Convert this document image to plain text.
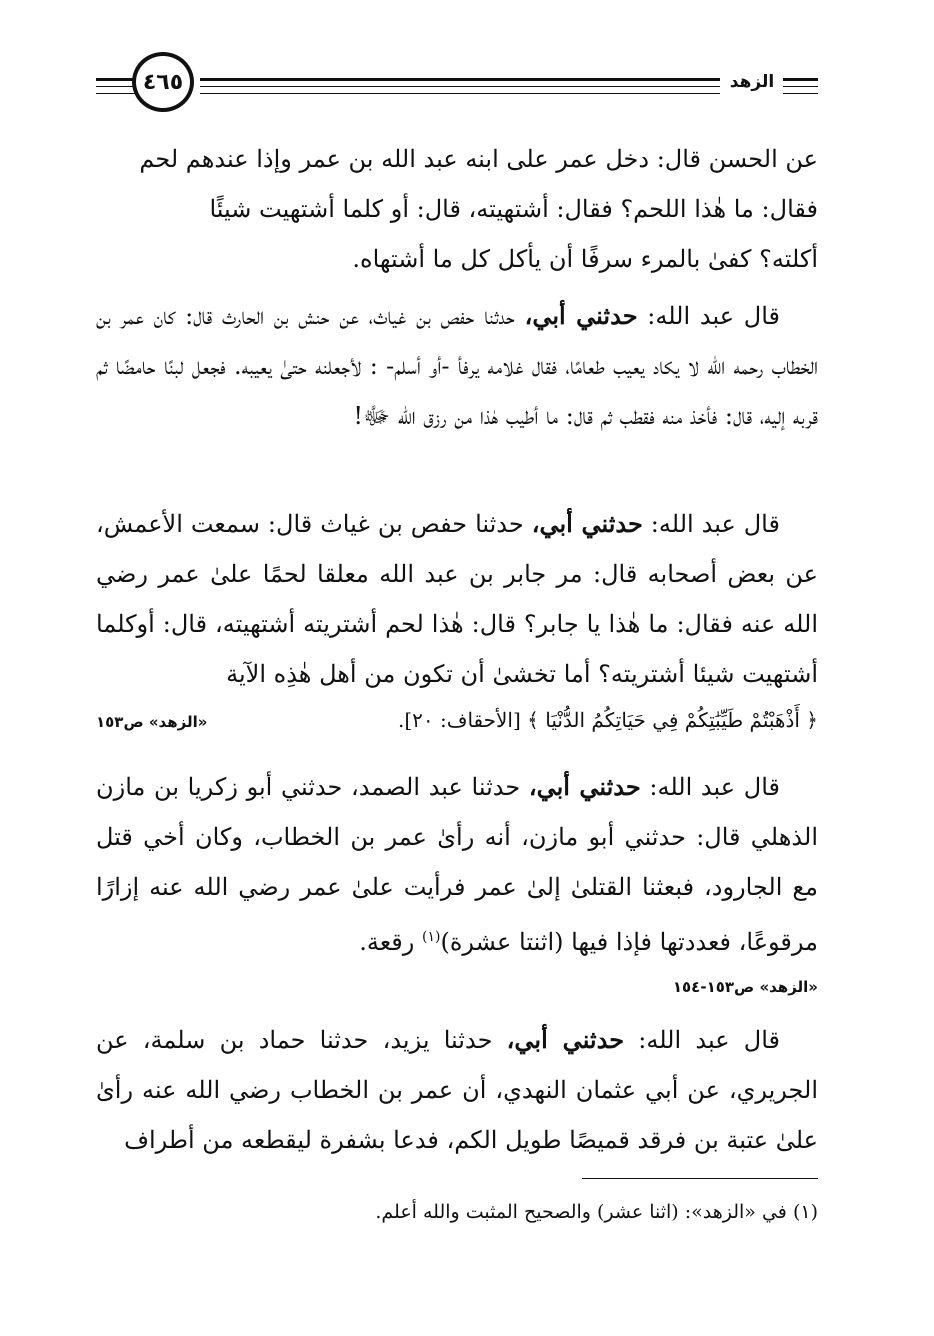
٤٦٥	الزهد

عن الحسن قال: دخل عمر على ابنه عبد الله بن عمر وإذا عندهم لحم

فقال: ما هٰذا اللحم؟ فقال: أشتهيته، قال: أو كلما أشتهيت شيئًا

أكلته؟ كفىٰ بالمرء سرفًا أن يأكل كل ما أشتهاه.

قال عبد الله: حدثني أبي، حدثنا حفص بن غياث، عن حنش بن الحارث قال: كان عمر بن الخطاب رحمه الله لا يكاد يعيب طعامًا، فقال غلامه يرفأ -أو أسلم- : لأجعلنه حتىٰ يعيبه. فجعل لبنًا حامضًا ثم قربه إليه، قال: فأخذ منه فقطب ثم قال: ما أطيب هٰذا من رزق الله ﷻ!

قال عبد الله: حدثني أبي، حدثنا حفص بن غياث قال: سمعت الأعمش، عن بعض أصحابه قال: مر جابر بن عبد الله معلقا لحمًا علىٰ عمر رضي الله عنه فقال: ما هٰذا يا جابر؟ قال: هٰذا لحم أشتريته أشتهيته، قال: أوكلما أشتهيت شيئا أشتريته؟ أما تخشىٰ أن تكون من أهل هٰذِه الآية

﴿ أَذْهَبْتُمْ طَيِّبَٰتِكُمْ فِي حَيَاتِكُمُ الدُّنْيَا ﴾ [الأحقاف: ٢٠].
«الزهد» ص١٥٣

قال عبد الله: حدثني أبي، حدثنا عبد الصمد، حدثني أبو زكريا بن مازن الذهلي قال: حدثني أبو مازن، أنه رأىٰ عمر بن الخطاب، وكان أخي قتل مع الجارود، فبعثنا القتلىٰ إلىٰ عمر فرأيت علىٰ عمر رضي الله عنه إزارًا مرقوعًا، فعددتها فإذا فيها (اثنتا عشرة)$^{(١)}$ رقعة.

«الزهد» ص١٥٣-١٥٤

قال عبد الله: حدثني أبي، حدثنا يزيد، حدثنا حماد بن سلمة، عن الجريري، عن أبي عثمان النهدي، أن عمر بن الخطاب رضي الله عنه رأىٰ علىٰ عتبة بن فرقد قميصًا طويل الكم، فدعا بشفرة ليقطعه من أطراف

(١) في «الزهد»: (اثنا عشر) والصحيح المثبت والله أعلم.
